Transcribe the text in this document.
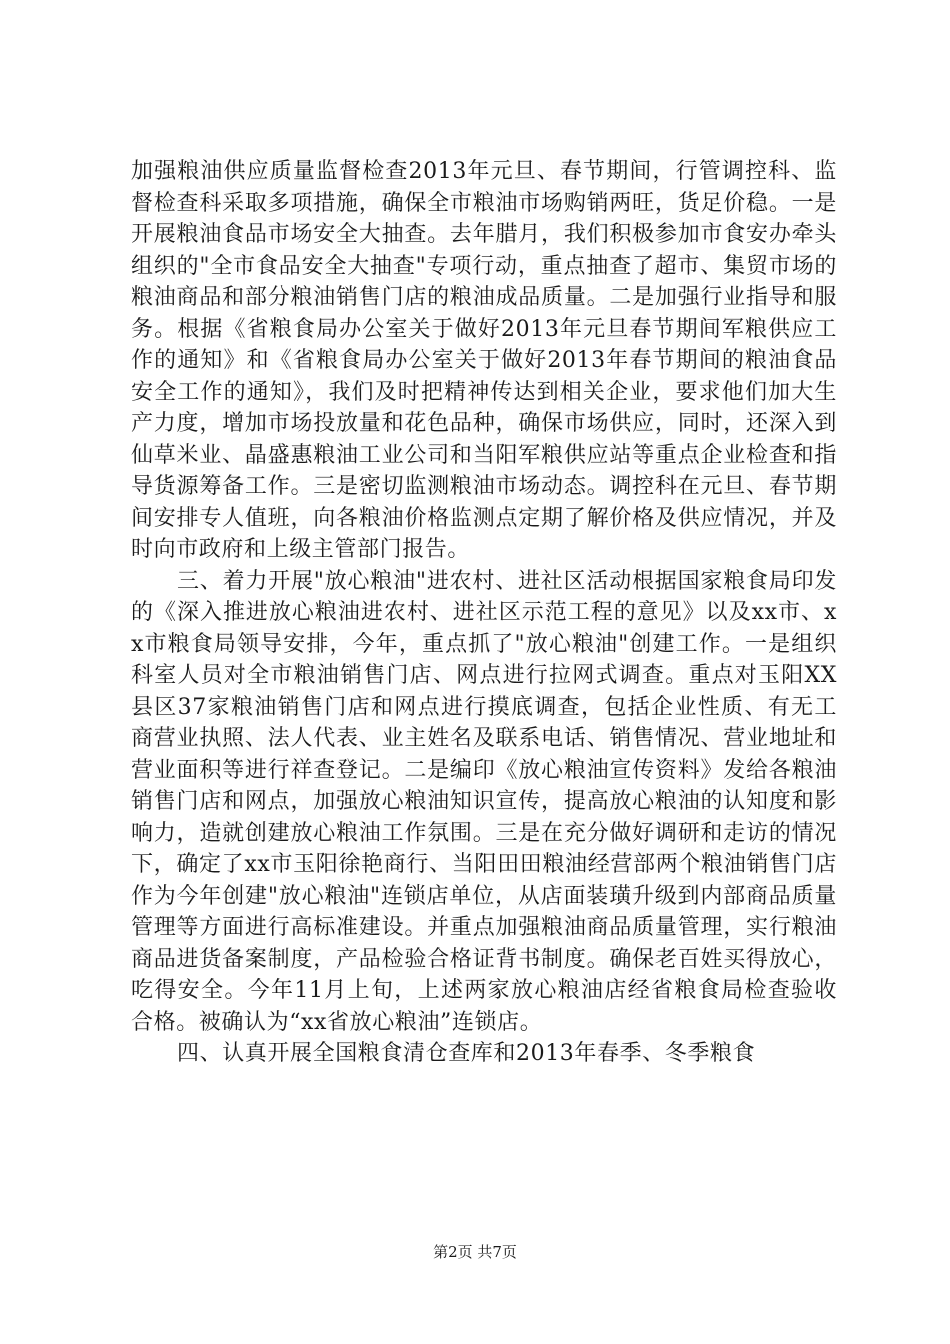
加强粮油供应质量监督检查2013年元旦、春节期间，行管调控科、监督检查科采取多项措施，确保全市粮油市场购销两旺，货足价稳。一是开展粮油食品市场安全大抽查。去年腊月，我们积极参加市食安办牵头组织的"全市食品安全大抽查"专项行动，重点抽查了超市、集贸市场的粮油商品和部分粮油销售门店的粮油成品质量。二是加强行业指导和服务。根据《省粮食局办公室关于做好2013年元旦春节期间军粮供应工作的通知》和《省粮食局办公室关于做好2013年春节期间的粮油食品安全工作的通知》，我们及时把精神传达到相关企业，要求他们加大生产力度，增加市场投放量和花色品种，确保市场供应，同时，还深入到仙草米业、晶盛惠粮油工业公司和当阳军粮供应站等重点企业检查和指导货源筹备工作。三是密切监测粮油市场动态。调控科在元旦、春节期间安排专人值班，向各粮油价格监测点定期了解价格及供应情况，并及时向市政府和上级主管部门报告。

三、着力开展"放心粮油"进农村、进社区活动根据国家粮食局印发的《深入推进放心粮油进农村、进社区示范工程的意见》以及xx市、xx市粮食局领导安排，今年，重点抓了"放心粮油"创建工作。一是组织科室人员对全市粮油销售门店、网点进行拉网式调查。重点对玉阳XX县区37家粮油销售门店和网点进行摸底调查，包括企业性质、有无工商营业执照、法人代表、业主姓名及联系电话、销售情况、营业地址和营业面积等进行祥查登记。二是编印《放心粮油宣传资料》发给各粮油销售门店和网点，加强放心粮油知识宣传，提高放心粮油的认知度和影响力，造就创建放心粮油工作氛围。三是在充分做好调研和走访的情况下，确定了xx市玉阳徐艳商行、当阳田田粮油经营部两个粮油销售门店作为今年创建"放心粮油"连锁店单位，从店面装璜升级到内部商品质量管理等方面进行高标准建设。并重点加强粮油商品质量管理，实行粮油商品进货备案制度，产品检验合格证背书制度。确保老百姓买得放心，吃得安全。今年11月上旬，上述两家放心粮油店经省粮食局检查验收合格。被确认为“xx省放心粮油”连锁店。

四、认真开展全国粮食清仓查库和2013年春季、冬季粮食

第2页 共7页
